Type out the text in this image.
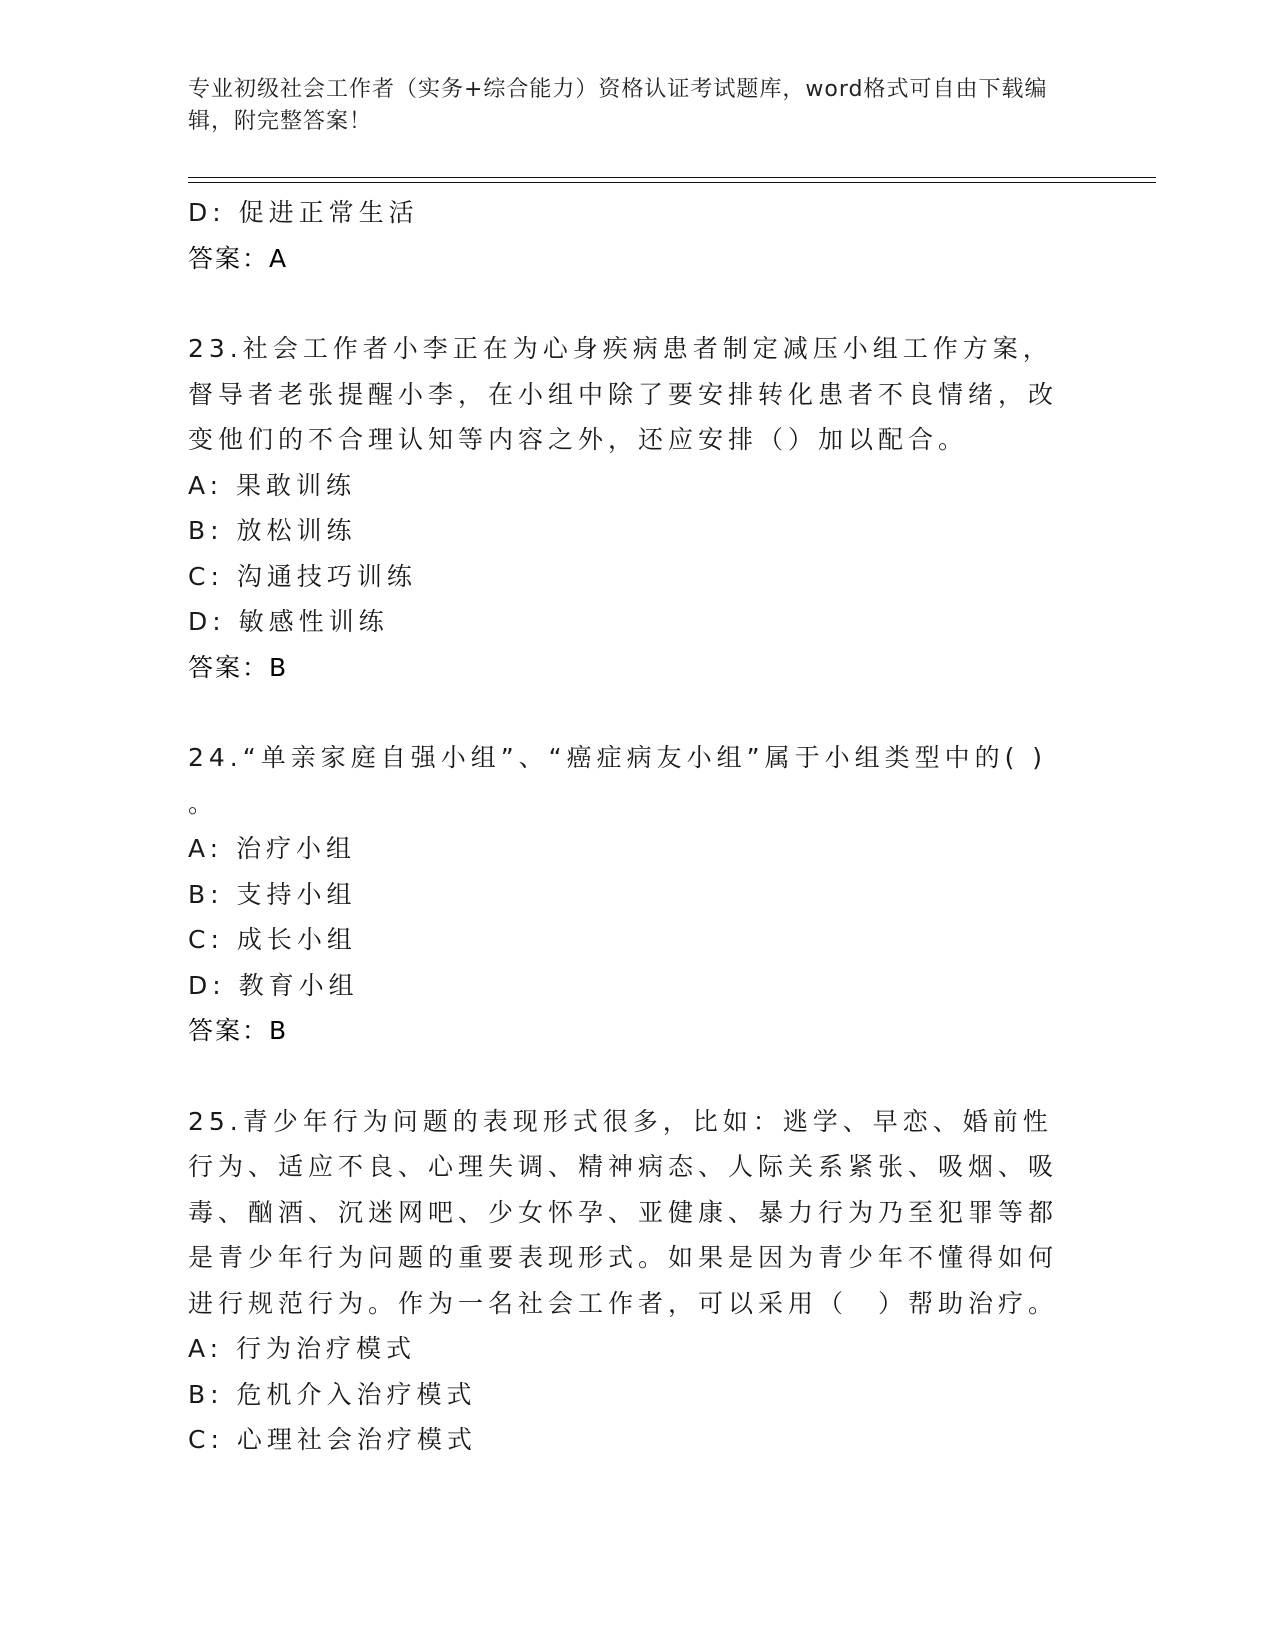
专业初级社会工作者（实务+综合能力）资格认证考试题库，word格式可自由下载编辑，附完整答案！
D: 促进正常生活
答案：A
23.社会工作者小李正在为心身疾病患者制定减压小组工作方案，督导者老张提醒小李，在小组中除了要安排转化患者不良情绪，改变他们的不合理认知等内容之外，还应安排（）加以配合。
A: 果敢训练
B: 放松训练
C: 沟通技巧训练
D: 敏感性训练
答案：B
24.“单亲家庭自强小组”、“癌症病友小组”属于小组类型中的( )
。
A: 治疗小组
B: 支持小组
C: 成长小组
D: 教育小组
答案：B
25.青少年行为问题的表现形式很多，比如：逃学、早恋、婚前性行为、适应不良、心理失调、精神病态、人际关系紧张、吸烟、吸毒、酗酒、沉迷网吧、少女怀孕、亚健康、暴力行为乃至犯罪等都是青少年行为问题的重要表现形式。如果是因为青少年不懂得如何进行规范行为。作为一名社会工作者，可以采用（　）帮助治疗。
A: 行为治疗模式
B: 危机介入治疗模式
C: 心理社会治疗模式
